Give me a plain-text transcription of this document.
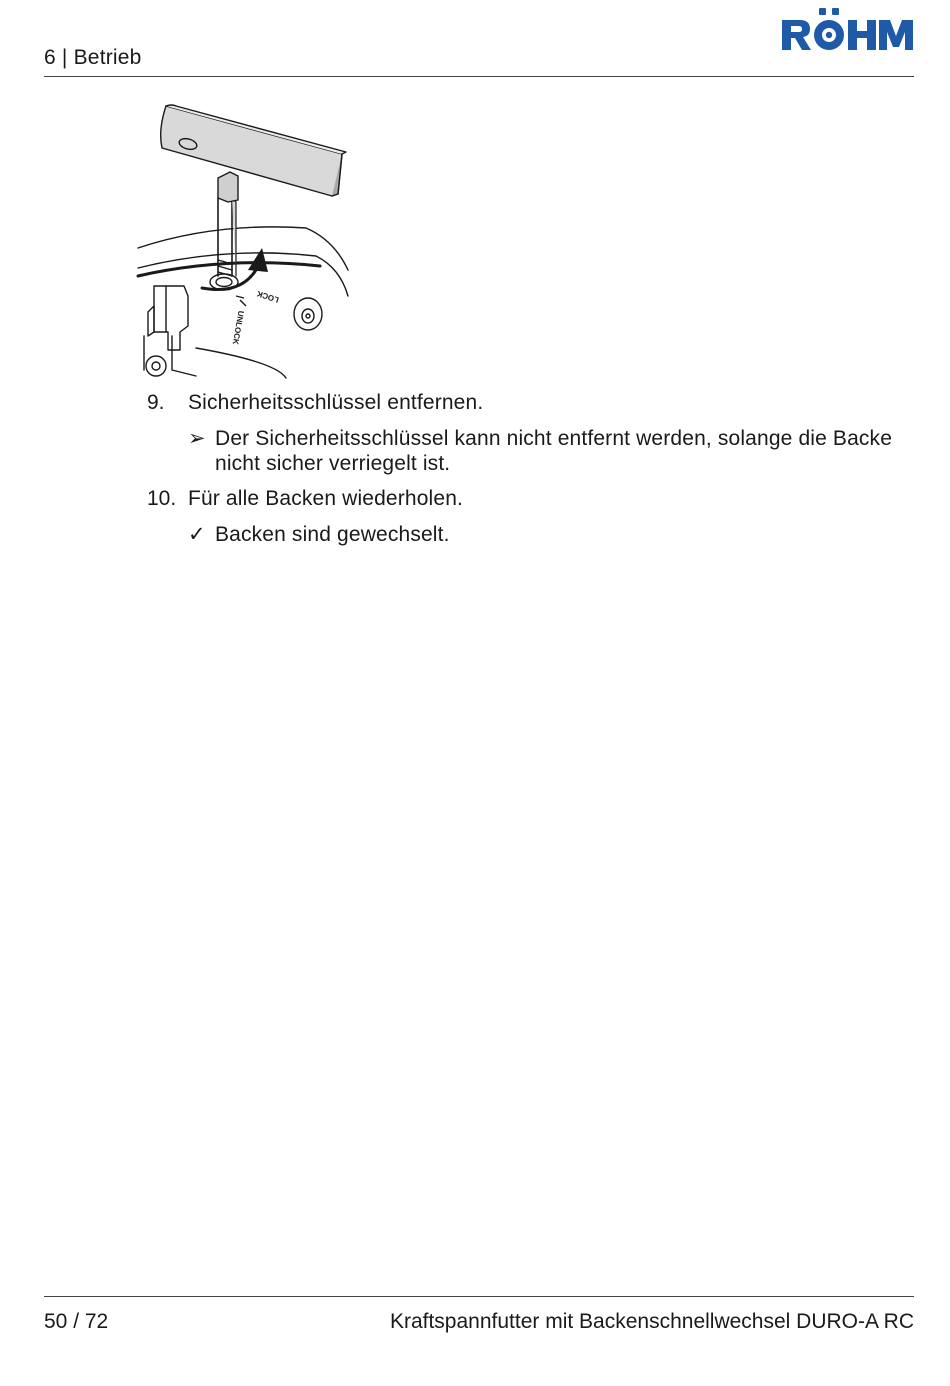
6 | Betrieb
LOCK
UNLOCK
9. Sicherheitsschlüssel entfernen.
➢ Der Sicherheitsschlüssel kann nicht entfernt werden, solange die Backe nicht sicher verriegelt ist.
10. Für alle Backen wiederholen.
✓ Backen sind gewechselt.
50 / 72	Kraftspannfutter mit Backenschnellwechsel DURO-A RC
